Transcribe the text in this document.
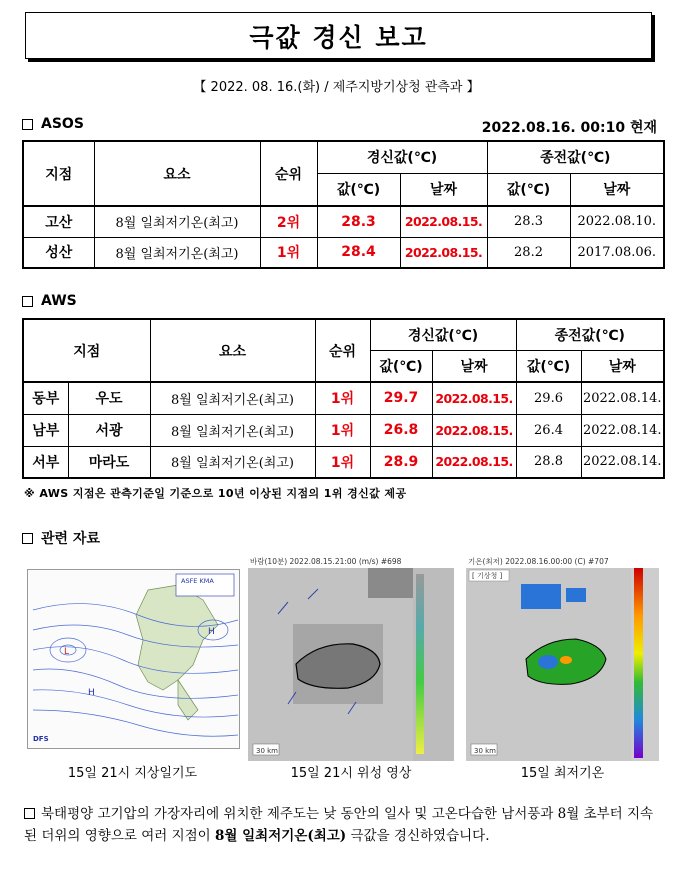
극값 경신 보고
【 2022. 08. 16.(화) / 제주지방기상청 관측과 】
ASOS	2022.08.16. 00:10 현재
지점	요소	순위	경신값(℃)		종전값(℃)	
			값(℃)	날짜	값(℃)	날짜
고산	8월 일최저기온(최고)	2위	28.3	2022.08.15.	28.3	2022.08.10.
성산	8월 일최저기온(최고)	1위	28.4	2022.08.15.	28.2	2017.08.06.
AWS
지점		요소	순위	경신값(℃)		종전값(℃)	
				값(℃)	날짜	값(℃)	날짜
동부	우도	8월 일최저기온(최고)	1위	29.7	2022.08.15.	29.6	2022.08.14.
남부	서광	8월 일최저기온(최고)	1위	26.8	2022.08.15.	26.4	2022.08.14.
서부	마라도	8월 일최저기온(최고)	1위	28.9	2022.08.15.	28.8	2022.08.14.
※ AWS 지점은 관측기준일 기준으로 10년 이상된 지점의 1위 경신값 제공
관련 자료
H
L
H
DFS
ASFE KMA
15일 21시 지상일기도
바람(10분) 2022.08.15.21:00 (m/s) #698
30 km
15일 21시 위성 영상
기온(최저) 2022.08.16.00:00 (C) #707
[ 기상청 ]
30 km
15일 최저기온
북태평양 고기압의 가장자리에 위치한 제주도는 낮 동안의 일사 및 고온다습한 남서풍과 8월 초부터 지속된 더위의 영향으로 여러 지점이 8월 일최저기온(최고) 극값을 경신하였습니다.
